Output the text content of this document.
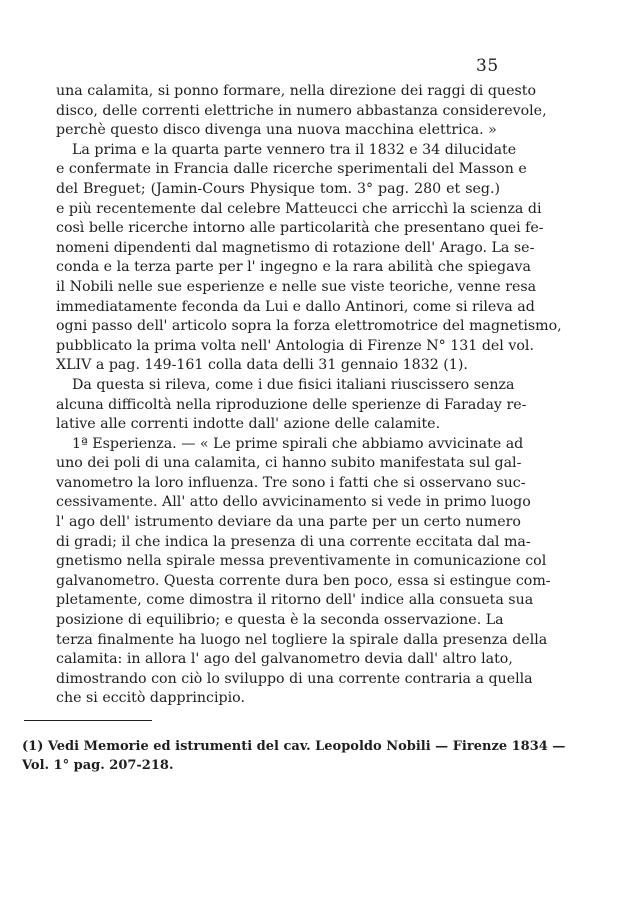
35
una calamita, si ponno formare, nella direzione dei raggi di questo
disco, delle correnti elettriche in numero abbastanza considerevole,
perchè questo disco divenga una nuova macchina elettrica. »
La prima e la quarta parte vennero tra il 1832 e 34 dilucidate
e confermate in Francia dalle ricerche sperimentali del Masson e
del Breguet; (Jamin-Cours Physique tom. 3° pag. 280 et seg.)
e più recentemente dal celebre Matteucci che arricchì la scienza di
così belle ricerche intorno alle particolarità che presentano quei fe-
nomeni dipendenti dal magnetismo di rotazione dell' Arago. La se-
conda e la terza parte per l' ingegno e la rara abilità che spiegava
il Nobili nelle sue esperienze e nelle sue viste teoriche, venne resa
immediatamente feconda da Lui e dallo Antinori, come si rileva ad
ogni passo dell' articolo sopra la forza elettromotrice del magnetismo,
pubblicato la prima volta nell' Antologia di Firenze N° 131 del vol.
XLIV a pag. 149-161 colla data delli 31 gennaio 1832 (1).
Da questa si rileva, come i due fisici italiani riuscissero senza
alcuna difficoltà nella riproduzione delle sperienze di Faraday re-
lative alle correnti indotte dall' azione delle calamite.
1ª Esperienza. — « Le prime spirali che abbiamo avvicinate ad
uno dei poli di una calamita, ci hanno subito manifestata sul gal-
vanometro la loro influenza. Tre sono i fatti che si osservano suc-
cessivamente. All' atto dello avvicinamento si vede in primo luogo
l' ago dell' istrumento deviare da una parte per un certo numero
di gradi; il che indica la presenza di una corrente eccitata dal ma-
gnetismo nella spirale messa preventivamente in comunicazione col
galvanometro. Questa corrente dura ben poco, essa si estingue com-
pletamente, come dimostra il ritorno dell' indice alla consueta sua
posizione di equilibrio; e questa è la seconda osservazione. La
terza finalmente ha luogo nel togliere la spirale dalla presenza della
calamita: in allora l' ago del galvanometro devia dall' altro lato,
dimostrando con ciò lo sviluppo di una corrente contraria a quella
che si eccitò dapprincipio.
(1) Vedi Memorie ed istrumenti del cav. Leopoldo Nobili — Firenze 1834 —
Vol. 1° pag. 207-218.
